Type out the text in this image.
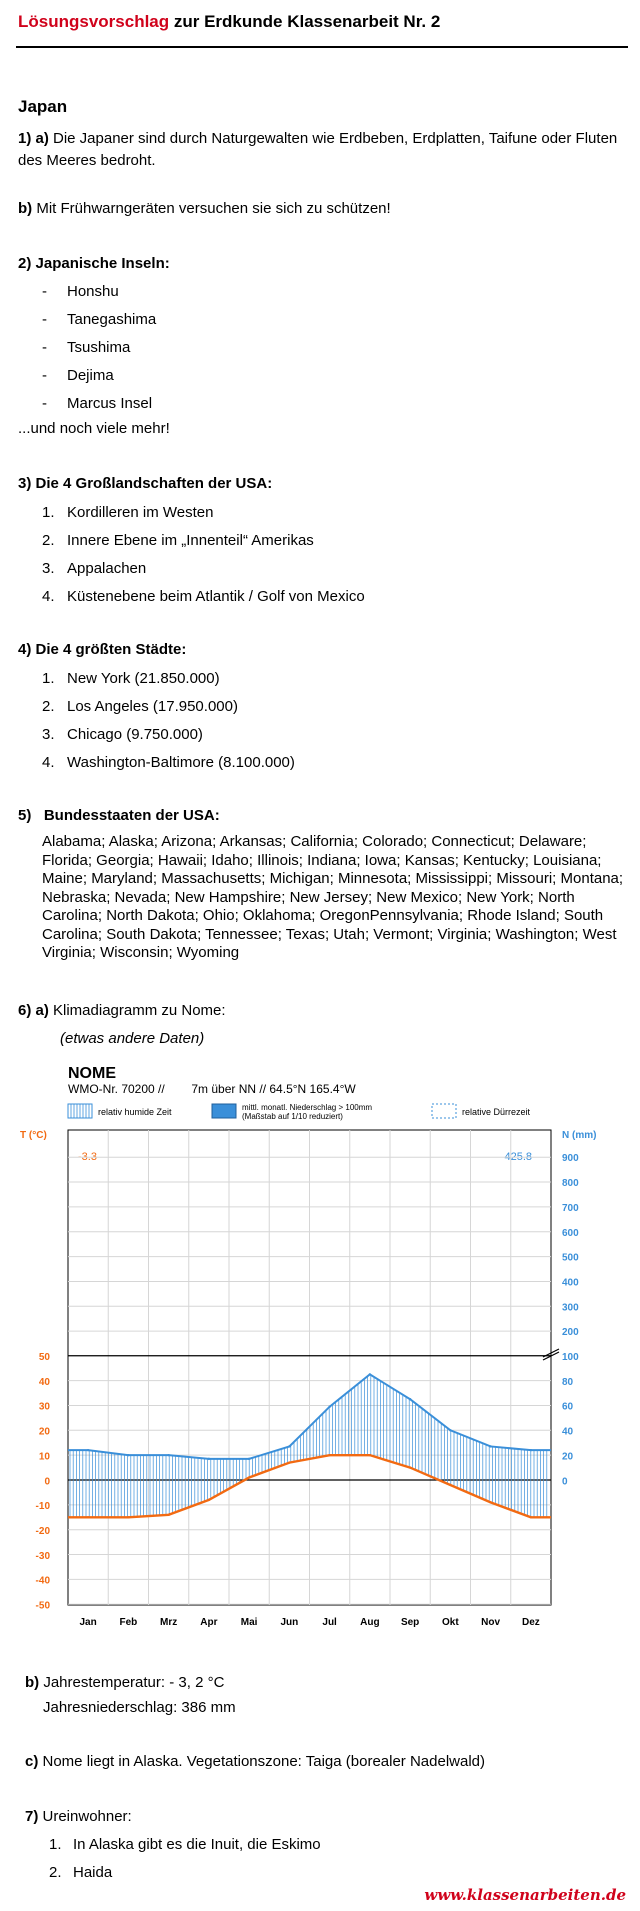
Lösungsvorschlag zur Erdkunde Klassenarbeit Nr. 2
Japan
1) a) Die Japaner sind durch Naturgewalten wie Erdbeben, Erdplatten, Taifune oder Fluten des Meeres bedroht.
b) Mit Frühwarngeräten versuchen sie sich zu schützen!
2) Japanische Inseln:
- Honshu
- Tanegashima
- Tsushima
- Dejima
- Marcus Insel
...und noch viele mehr!
3) Die 4 Großlandschaften der USA:
1. Kordilleren im Westen
2. Innere Ebene im „Innenteil“ Amerikas
3. Appalachen
4. Küstenebene beim Atlantik / Golf von Mexico
4) Die 4 größten Städte:
1. New York (21.850.000)
2. Los Angeles (17.950.000)
3. Chicago (9.750.000)
4. Washington-Baltimore (8.100.000)
5)   Bundesstaaten der USA:
Alabama; Alaska; Arizona; Arkansas; California; Colorado; Connecticut; Delaware; Florida; Georgia; Hawaii; Idaho; Illinois; Indiana; Iowa; Kansas; Kentucky; Louisiana; Maine; Maryland; Massachusetts; Michigan; Minnesota; Mississippi; Missouri; Montana; Nebraska; Nevada; New Hampshire; New Jersey; New Mexico; New York; North Carolina; North Dakota; Ohio; Oklahoma; OregonPennsylvania; Rhode Island; South Carolina; South Dakota; Tennessee; Texas; Utah; Vermont; Virginia; Washington; West Virginia; Wisconsin; Wyoming
6) a) Klimadiagramm zu Nome:
(etwas andere Daten)
NOME
WMO-Nr. 70200 //        7m über NN // 64.5°N 165.4°W
relativ humide Zeit	mittl. monatl. Niederschlag > 100mm
(Maßstab auf 1/10 reduziert)	relative Dürrezeit
T (°C)	N (mm)
-3.3	425.8
50
40
30
20
10
0
-10
-20
-30
-40
-50
900
800
700
600
500
400
300
200
100
80
60
40
20
0
Jan Feb Mrz Apr Mai Jun Jul Aug Sep Okt Nov Dez
b) Jahrestemperatur: - 3, 2 °C
Jahresniederschlag: 386 mm
c) Nome liegt in Alaska. Vegetationszone: Taiga (borealer Nadelwald)
7) Ureinwohner:
1. In Alaska gibt es die Inuit, die Eskimo
2. Haida
www.klassenarbeiten.de
